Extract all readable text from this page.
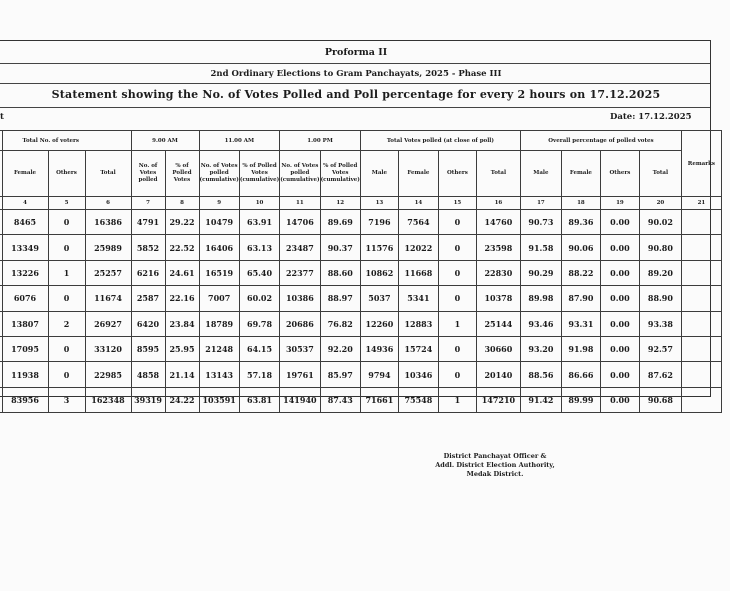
Proforma II
2nd Ordinary Elections to Gram Panchayats, 2025 - Phase III
Statement showing the No. of Votes Polled and Poll percentage for every 2 hours on 17.12.2025
t	Date: 17.12.2025
	Total No. of voters			9.00 AM		11.00 AM		1.00 PM		Total Votes polled (at close of poll)				Overall percentage of polled votes				Remarks
	Female	Others	Total	No. of Votes polled	% of Polled Votes	No. of Votes polled (cumulative)	% of Polled Votes (cumulative)	No. of Votes polled (cumulative)	% of Polled Votes (cumulative)	Male	Female	Others	Total	Male	Female	Others	Total	
	4	5	6	7	8	9	10	11	12	13	14	15	16	17	18	19	20	21
	8465	0	16386	4791	29.22	10479	63.91	14706	89.69	7196	7564	0	14760	90.73	89.36	0.00	90.02	
	13349	0	25989	5852	22.52	16406	63.13	23487	90.37	11576	12022	0	23598	91.58	90.06	0.00	90.80	
	13226	1	25257	6216	24.61	16519	65.40	22377	88.60	10862	11668	0	22830	90.29	88.22	0.00	89.20	
	6076	0	11674	2587	22.16	7007	60.02	10386	88.97	5037	5341	0	10378	89.98	87.90	0.00	88.90	
	13807	2	26927	6420	23.84	18789	69.78	20686	76.82	12260	12883	1	25144	93.46	93.31	0.00	93.38	
	17095	0	33120	8595	25.95	21248	64.15	30537	92.20	14936	15724	0	30660	93.20	91.98	0.00	92.57	
	11938	0	22985	4858	21.14	13143	57.18	19761	85.97	9794	10346	0	20140	88.56	86.66	0.00	87.62	
	83956	3	162348	39319	24.22	103591	63.81	141940	87.43	71661	75548	1	147210	91.42	89.99	0.00	90.68	
District Panchayat Officer &
Addl. District Election Authority,
Medak District.
